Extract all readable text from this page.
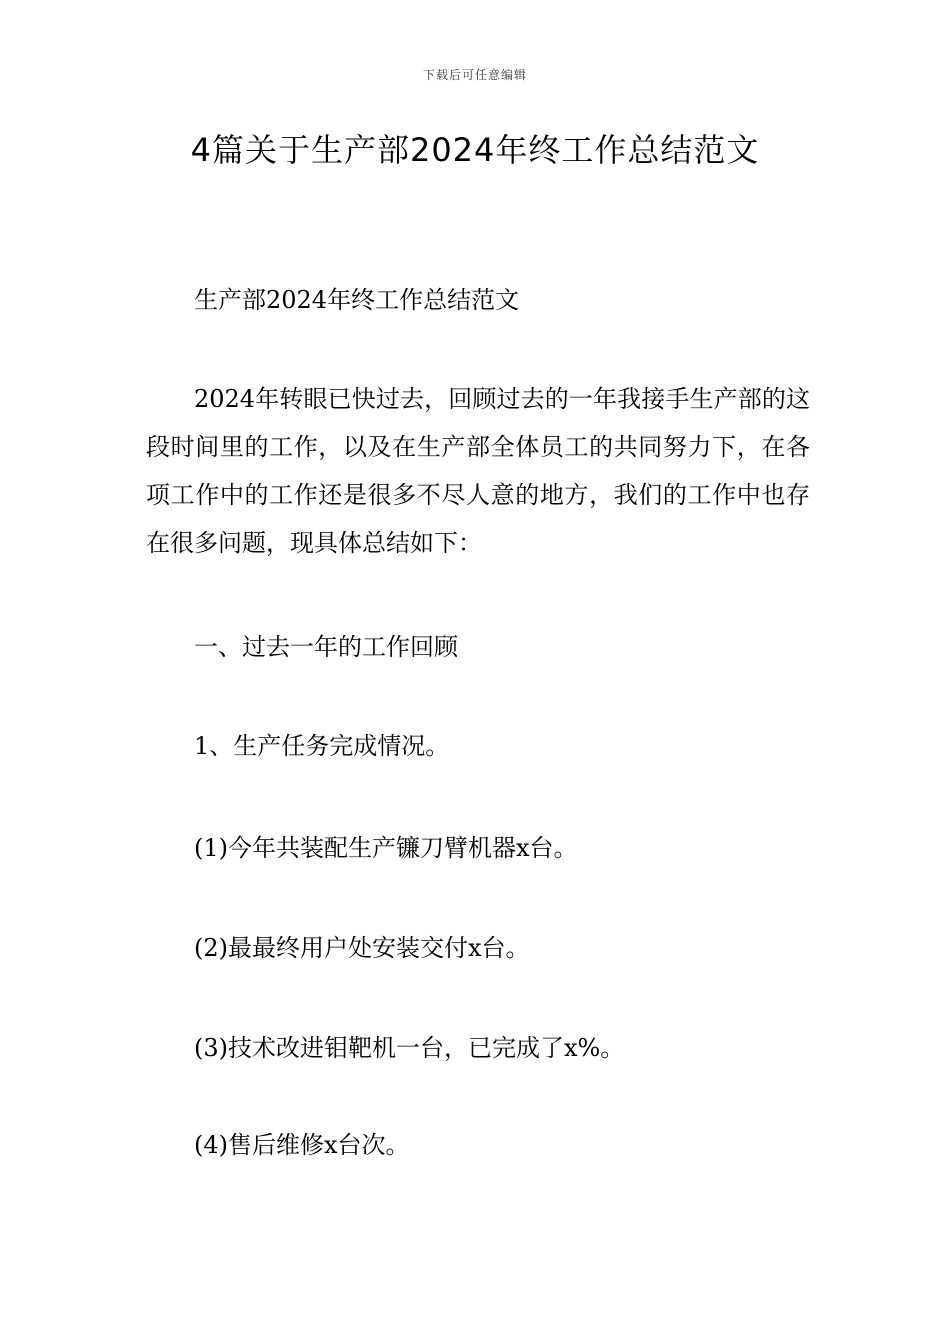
下载后可任意编辑
4篇关于生产部2024年终工作总结范文

生产部2024年终工作总结范文

2024年转眼已快过去，回顾过去的一年我接手生产部的这段时间里的工作，以及在生产部全体员工的共同努力下，在各项工作中的工作还是很多不尽人意的地方，我们的工作中也存在很多问题，现具体总结如下：

一、过去一年的工作回顾

1、生产任务完成情况。

(1)今年共装配生产镰刀臂机器x台。

(2)最最终用户处安装交付x台。

(3)技术改进钼靶机一台，已完成了x%。

(4)售后维修x台次。
